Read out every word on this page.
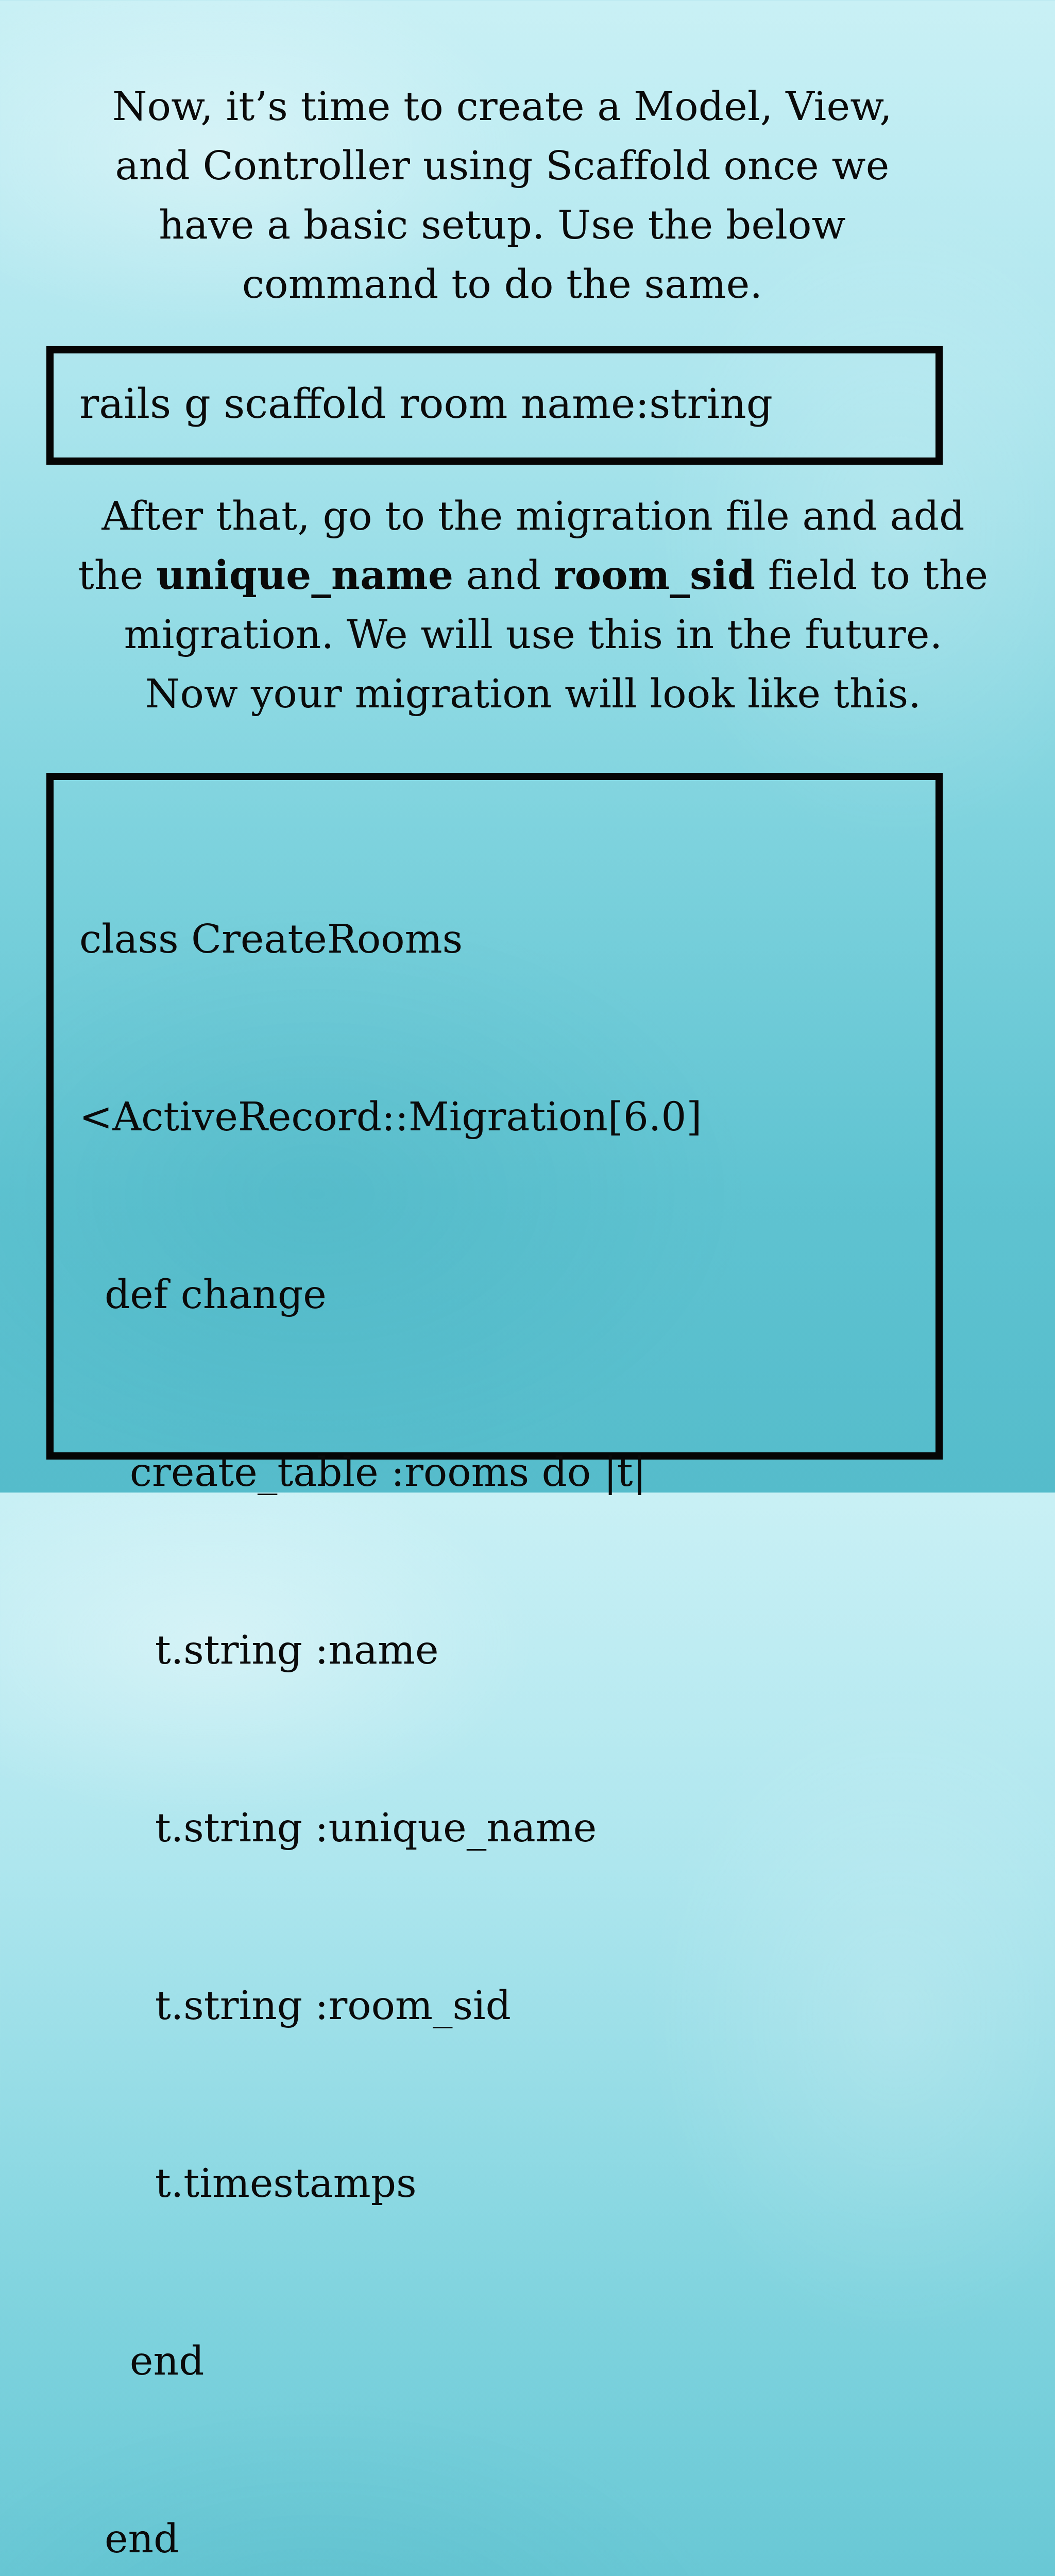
Now, it’s time to create a Model, View, and Controller using Scaffold once we have a basic setup. Use the below command to do the same.
rails g scaffold room name:string
After that, go to the migration file and add the unique_name and room_sid field to the migration. We will use this in the future. Now your migration will look like this.

class CreateRooms

<ActiveRecord::Migration[6.0]

def change

create_table :rooms do |t|

t.string :name

t.string :unique_name

t.string :room_sid

t.timestamps

end

end
